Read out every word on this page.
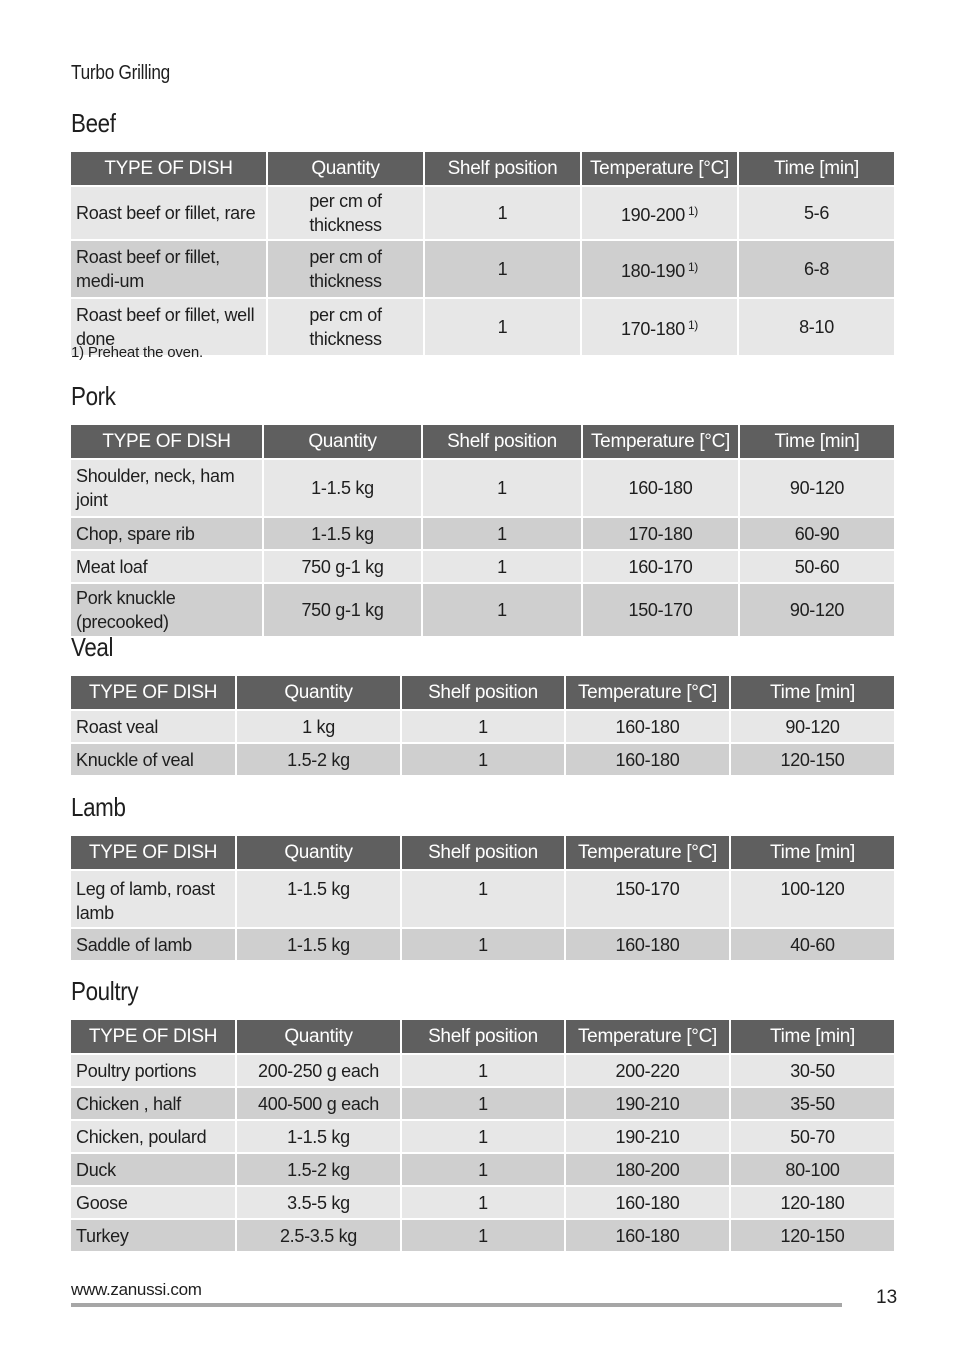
Turbo Grilling
Beef
TYPE OF DISH	Quantity	Shelf position	Temperature [°C]	Time [min]
Roast beef or fillet, rare	per cm of thickness	1	190-200 $^{1)}$	5-6
Roast beef or fillet, medi-um	per cm of thickness	1	180-190 $^{1)}$	6-8
Roast beef or fillet, well done	per cm of thickness	1	170-180 $^{1)}$	8-10
1) Preheat the oven.
Pork
TYPE OF DISH	Quantity	Shelf position	Temperature [°C]	Time [min]
Shoulder, neck, ham joint	1-1.5 kg	1	160-180	90-120
Chop, spare rib	1-1.5 kg	1	170-180	60-90
Meat loaf	750 g-1 kg	1	160-170	50-60
Pork knuckle (precooked)	750 g-1 kg	1	150-170	90-120
Veal
TYPE OF DISH	Quantity	Shelf position	Temperature [°C]	Time [min]
Roast veal	1 kg	1	160-180	90-120
Knuckle of veal	1.5-2 kg	1	160-180	120-150
Lamb
TYPE OF DISH	Quantity	Shelf position	Temperature [°C]	Time [min]
Leg of lamb, roast lamb	1-1.5 kg	1	150-170	100-120
Saddle of lamb	1-1.5 kg	1	160-180	40-60
Poultry
TYPE OF DISH	Quantity	Shelf position	Temperature [°C]	Time [min]
Poultry portions	200-250 g each	1	200-220	30-50
Chicken , half	400-500 g each	1	190-210	35-50
Chicken, poulard	1-1.5 kg	1	190-210	50-70
Duck	1.5-2 kg	1	180-200	80-100
Goose	3.5-5 kg	1	160-180	120-180
Turkey	2.5-3.5 kg	1	160-180	120-150
www.zanussi.com	13
